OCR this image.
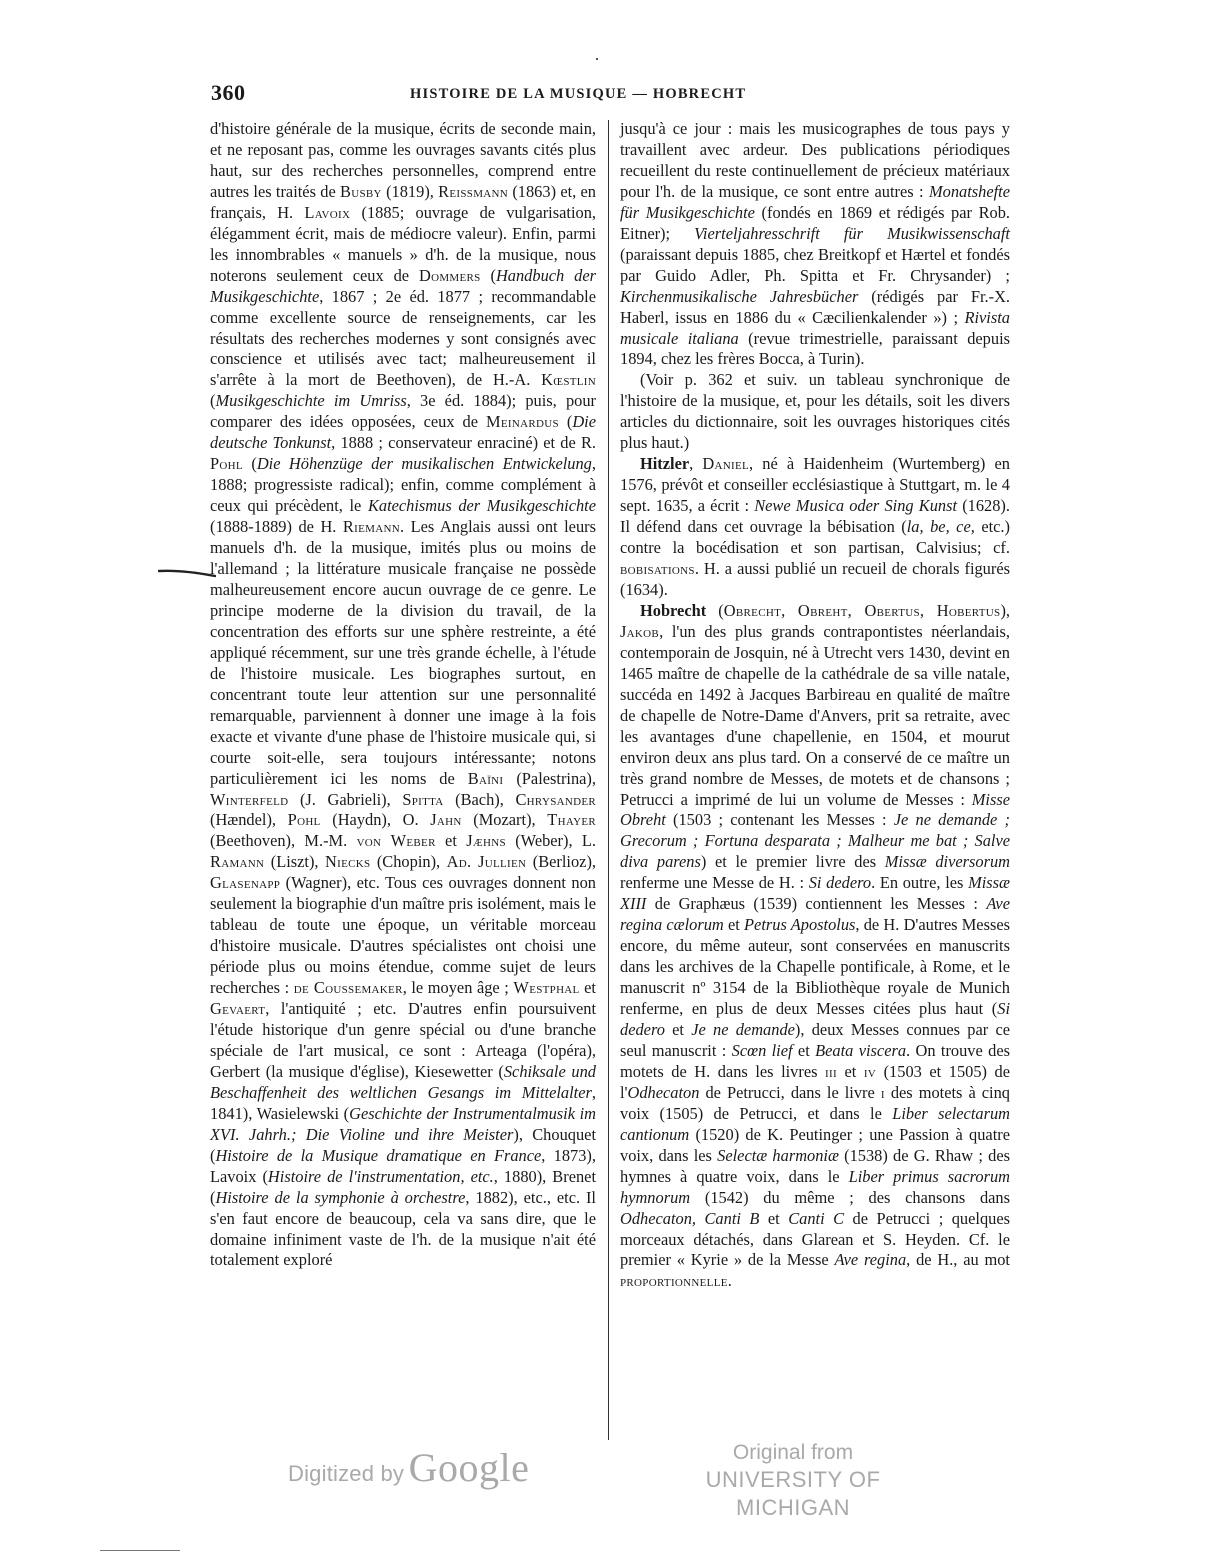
360	HISTOIRE DE LA MUSIQUE — HOBRECHT

d'histoire générale de la musique, écrits de seconde main, et ne reposant pas, comme les ouvrages savants cités plus haut, sur des recherches personnelles, comprend entre autres les traités de Busby (1819), Reissmann (1863) et, en français, H. Lavoix (1885; ouvrage de vulgarisation, élégamment écrit, mais de médiocre valeur). Enfin, parmi les innombrables « manuels » d'h. de la musique, nous noterons seulement ceux de Dommers (Handbuch der Musikgeschichte, 1867 ; 2e éd. 1877 ; recommandable comme excellente source de renseignements, car les résultats des recherches modernes y sont consignés avec conscience et utilisés avec tact; malheureusement il s'arrête à la mort de Beethoven), de H.-A. Kœstlin (Musikgeschichte im Umriss, 3e éd. 1884); puis, pour comparer des idées opposées, ceux de Meinardus (Die deutsche Tonkunst, 1888 ; conservateur enraciné) et de R. Pohl (Die Höhenzüge der musikalischen Entwickelung, 1888; progressiste radical); enfin, comme complément à ceux qui précèdent, le Katechismus der Musikgeschichte (1888-1889) de H. Riemann. Les Anglais aussi ont leurs manuels d'h. de la musique, imités plus ou moins de l'allemand ; la littérature musicale française ne possède malheureusement encore aucun ouvrage de ce genre. Le principe moderne de la division du travail, de la concentration des efforts sur une sphère restreinte, a été appliqué récemment, sur une très grande échelle, à l'étude de l'histoire musicale. Les biographes surtout, en concentrant toute leur attention sur une personnalité remarquable, parviennent à donner une image à la fois exacte et vivante d'une phase de l'histoire musicale qui, si courte soit-elle, sera toujours intéressante; notons particulièrement ici les noms de Baïni (Palestrina), Winterfeld (J. Gabrieli), Spitta (Bach), Chrysander (Hændel), Pohl (Haydn), O. Jahn (Mozart), Thayer (Beethoven), M.-M. von Weber et Jæhns (Weber), L. Ramann (Liszt), Niecks (Chopin), Ad. Jullien (Berlioz), Glasenapp (Wagner), etc. Tous ces ouvrages donnent non seulement la biographie d'un maître pris isolément, mais le tableau de toute une époque, un véritable morceau d'histoire musicale. D'autres spécialistes ont choisi une période plus ou moins étendue, comme sujet de leurs recherches : de Coussemaker, le moyen âge ; Westphal et Gevaert, l'antiquité ; etc. D'autres enfin poursuivent l'étude historique d'un genre spécial ou d'une branche spéciale de l'art musical, ce sont : Arteaga (l'opéra), Gerbert (la musique d'église), Kiesewetter (Schiksale und Beschaffenheit des weltlichen Gesangs im Mittelalter, 1841), Wasielewski (Geschichte der Instrumentalmusik im XVI. Jahrh.; Die Violine und ihre Meister), Chouquet (Histoire de la Musique dramatique en France, 1873), Lavoix (Histoire de l'instrumentation, etc., 1880), Brenet (Histoire de la symphonie à orchestre, 1882), etc., etc. Il s'en faut encore de beaucoup, cela va sans dire, que le domaine infiniment vaste de l'h. de la musique n'ait été totalement exploré

jusqu'à ce jour : mais les musicographes de tous pays y travaillent avec ardeur. Des publications périodiques recueillent du reste continuellement de précieux matériaux pour l'h. de la musique, ce sont entre autres : Monatshefte für Musikgeschichte (fondés en 1869 et rédigés par Rob. Eitner); Vierteljahresschrift für Musikwissenschaft (paraissant depuis 1885, chez Breitkopf et Hærtel et fondés par Guido Adler, Ph. Spitta et Fr. Chrysander) ; Kirchenmusikalische Jahresbücher (rédigés par Fr.-X. Haberl, issus en 1886 du « Cæcilienkalender ») ; Rivista musicale italiana (revue trimestrielle, paraissant depuis 1894, chez les frères Bocca, à Turin).

(Voir p. 362 et suiv. un tableau synchronique de l'histoire de la musique, et, pour les détails, soit les divers articles du dictionnaire, soit les ouvrages historiques cités plus haut.)

Hitzler, Daniel, né à Haidenheim (Wurtemberg) en 1576, prévôt et conseiller ecclésiastique à Stuttgart, m. le 4 sept. 1635, a écrit : Newe Musica oder Sing Kunst (1628). Il défend dans cet ouvrage la bébisation (la, be, ce, etc.) contre la bocédisation et son partisan, Calvisius; cf. bobisations. H. a aussi publié un recueil de chorals figurés (1634).

Hobrecht (Obrecht, Obreht, Obertus, Hobertus), Jakob, l'un des plus grands contrapontistes néerlandais, contemporain de Josquin, né à Utrecht vers 1430, devint en 1465 maître de chapelle de la cathédrale de sa ville natale, succéda en 1492 à Jacques Barbireau en qualité de maître de chapelle de Notre-Dame d'Anvers, prit sa retraite, avec les avantages d'une chapellenie, en 1504, et mourut environ deux ans plus tard. On a conservé de ce maître un très grand nombre de Messes, de motets et de chansons ; Petrucci a imprimé de lui un volume de Messes : Misse Obreht (1503 ; contenant les Messes : Je ne demande ; Grecorum ; Fortuna desparata ; Malheur me bat ; Salve diva parens) et le premier livre des Missæ diversorum renferme une Messe de H. : Si dedero. En outre, les Missæ XIII de Graphæus (1539) contiennent les Messes : Ave regina cælorum et Petrus Apostolus, de H. D'autres Messes encore, du même auteur, sont conservées en manuscrits dans les archives de la Chapelle pontificale, à Rome, et le manuscrit nº 3154 de la Bibliothèque royale de Munich renferme, en plus de deux Messes citées plus haut (Si dedero et Je ne demande), deux Messes connues par ce seul manuscrit : Scœn lief et Beata viscera. On trouve des motets de H. dans les livres iii et iv (1503 et 1505) de l'Odhecaton de Petrucci, dans le livre i des motets à cinq voix (1505) de Petrucci, et dans le Liber selectarum cantionum (1520) de K. Peutinger ; une Passion à quatre voix, dans les Selectæ harmoniæ (1538) de G. Rhaw ; des hymnes à quatre voix, dans le Liber primus sacrorum hymnorum (1542) du même ; des chansons dans Odhecaton, Canti B et Canti C de Petrucci ; quelques morceaux détachés, dans Glarean et S. Heyden. Cf. le premier « Kyrie » de la Messe Ave regina, de H., au mot proportionnelle.

Digitized by Google	Original from
UNIVERSITY OF MICHIGAN
